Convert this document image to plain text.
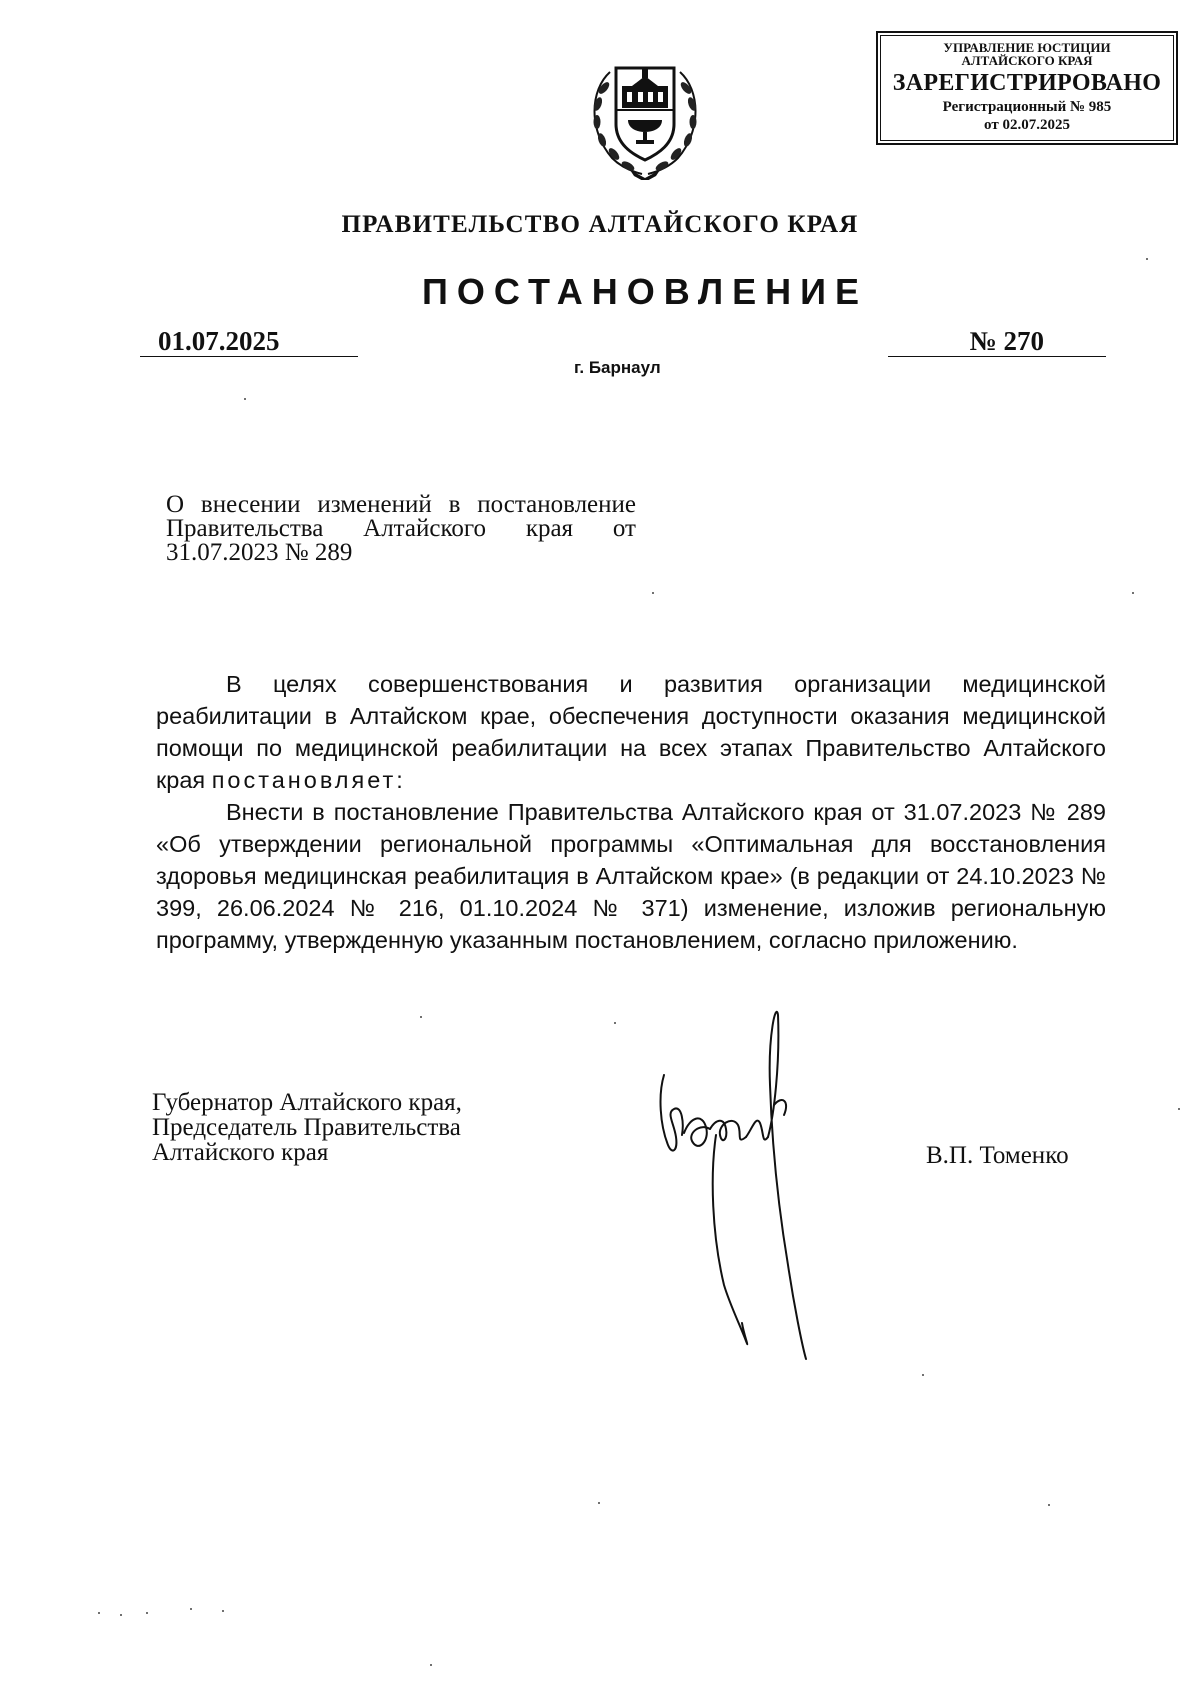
УПРАВЛЕНИЕ ЮСТИЦИИ
АЛТАЙСКОГО КРАЯ
ЗАРЕГИСТРИРОВАНО
Регистрационный № 985
от 02.07.2025
ПРАВИТЕЛЬСТВО АЛТАЙСКОГО КРАЯ
ПОСТАНОВЛЕНИЕ
01.07.2025	№ 270
г. Барнаул
О внесении изменений в постановление Правительства Алтайского края от 31.07.2023 № 289

В целях совершенствования и развития организации медицинской реабилитации в Алтайском крае, обеспечения доступности оказания медицинской помощи по медицинской реабилитации на всех этапах Правительство Алтайского края постановляет:

Внести в постановление Правительства Алтайского края от 31.07.2023 № 289 «Об утверждении региональной программы «Оптимальная для восстановления здоровья медицинская реабилитация в Алтайском крае» (в редакции от 24.10.2023 № 399, 26.06.2024 № 216, 01.10.2024 № 371) изменение, изложив региональную программу, утвержденную указанным постановлением, согласно приложению.

Губернатор Алтайского края,
Председатель Правительства
Алтайского края	В.П. Томенко
